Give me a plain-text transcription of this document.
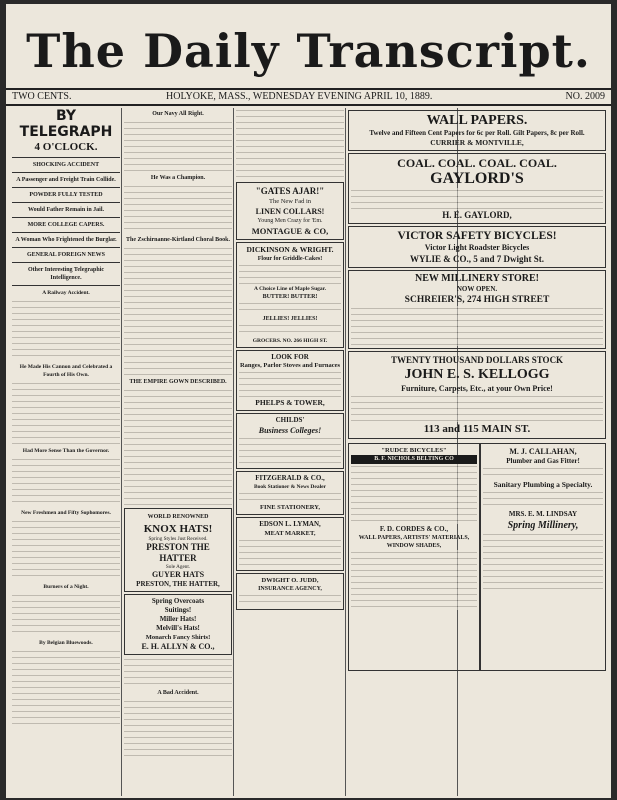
The Daily Transcript.
TWO CENTS.	HOLYOKE, MASS., WEDNESDAY EVENING APRIL 10, 1889.	NO. 2009
BY TELEGRAPH
4 O'CLOCK.
SHOCKING ACCIDENT
A Passenger and Freight Train Collide.
POWDER FULLY TESTED
Would Father Remain in Jail.
MORE COLLEGE CAPERS.
A Woman Who Frightened the Burglar.
GENERAL FOREIGN NEWS
Other Interesting Telegraphic Intelligence.
A Railway Accident.
He Made His Cannon and Celebrated a Fourth of His Own.
Had More Sense Than the Governor.
New Freshmen and Fifty Sophomores.
Burners of a Night.
By Belgian Bluewoods.
Our Navy All Right.
He Was a Champion.
The Zschirnanne-Kirtland Choral Book.
THE EMPIRE GOWN DESCRIBED.
WORLD RENOWNED
KNOX HATS!
Spring Styles Just Received.
PRESTON THE HATTER
Sole Agent.
GUYER HATS
PRESTON, THE HATTER,
Spring Overcoats
Suitings!
Miller Hats!
Melvill's Hats!
Monarch Fancy Shirts!
E. H. ALLYN & CO.,
A Bad Accident.
"GATES AJAR!"
The New Fad in
LINEN COLLARS!
Young Men Crazy for 'Em.
MONTAGUE & CO,
DICKINSON & WRIGHT.
Flour for Griddle-Cakes!
A Choice Line of Maple Sugar.
BUTTER! BUTTER!
JELLIES! JELLIES!
GROCERS. NO. 266 HIGH ST.
LOOK FOR
Ranges, Parlor Stoves and Furnaces
PHELPS & TOWER,
CHILDS'
Business Colleges!
FITZGERALD & CO.,
Book Stationer & News Dealer
FINE STATIONERY,
EDSON L. LYMAN,
MEAT MARKET,
DWIGHT O. JUDD,
INSURANCE AGENCY,
WALL PAPERS.
Twelve and Fifteen Cent Papers for 6c per Roll. Gilt Papers, 8c per Roll.
CURRIER & MONTVILLE,
COAL. COAL. COAL. COAL.
GAYLORD'S
H. E. GAYLORD,
VICTOR SAFETY BICYCLES!
Victor Light Roadster Bicycles
WYLIE & CO., 5 and 7 Dwight St.
NEW MILLINERY STORE!
NOW OPEN.
SCHREIER'S, 274 HIGH STREET
TWENTY THOUSAND DOLLARS STOCK
JOHN E. S. KELLOGG
Furniture, Carpets, Etc., at your Own Price!
113 and 115 MAIN ST.
"RUDCE BICYCLES"
B. F. NICHOLS BELTING CO
F. D. CORDES & CO.,
WALL PAPERS, ARTISTS' MATERIALS, WINDOW SHADES,
M. J. CALLAHAN,
Plumber and Gas Fitter!
Sanitary Plumbing a Specialty.
MRS. E. M. LINDSAY
Spring Millinery,
